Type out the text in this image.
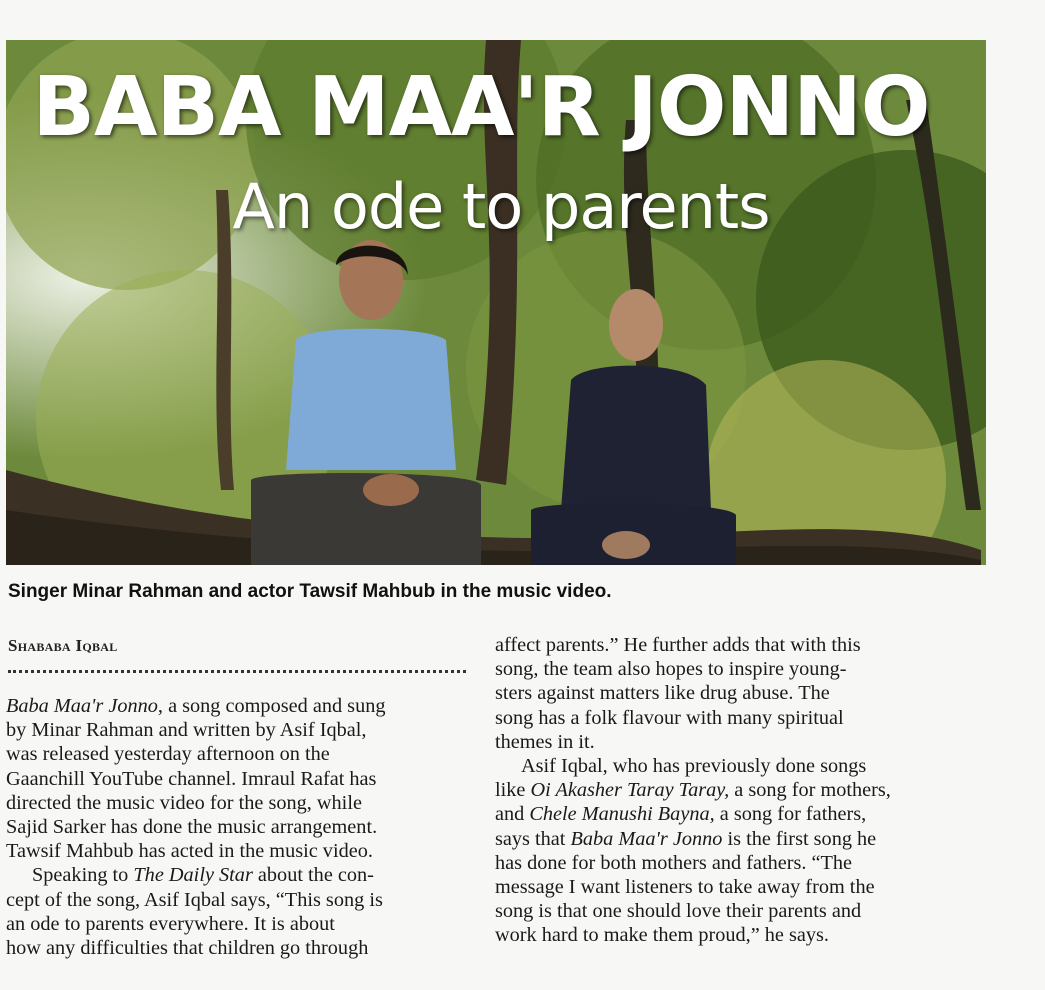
BABA MAA'R JONNO
An ode to parents
Singer Minar Rahman and actor Tawsif Mahbub in the music video.
Shababa Iqbal

Baba Maa'r Jonno, a song composed and sung
by Minar Rahman and written by Asif Iqbal,
was released yesterday afternoon on the
Gaanchill YouTube channel. Imraul Rafat has
directed the music video for the song, while
Sajid Sarker has done the music arrangement.
Tawsif Mahbub has acted in the music video.

Speaking to The Daily Star about the con-
cept of the song, Asif Iqbal says, “This song is
an ode to parents everywhere. It is about
how any difficulties that children go through

affect parents.” He further adds that with this
song, the team also hopes to inspire young-
sters against matters like drug abuse. The
song has a folk flavour with many spiritual
themes in it.

Asif Iqbal, who has previously done songs
like Oi Akasher Taray Taray, a song for mothers,
and Chele Manushi Bayna, a song for fathers,
says that Baba Maa'r Jonno is the first song he
has done for both mothers and fathers. “The
message I want listeners to take away from the
song is that one should love their parents and
work hard to make them proud,” he says.
